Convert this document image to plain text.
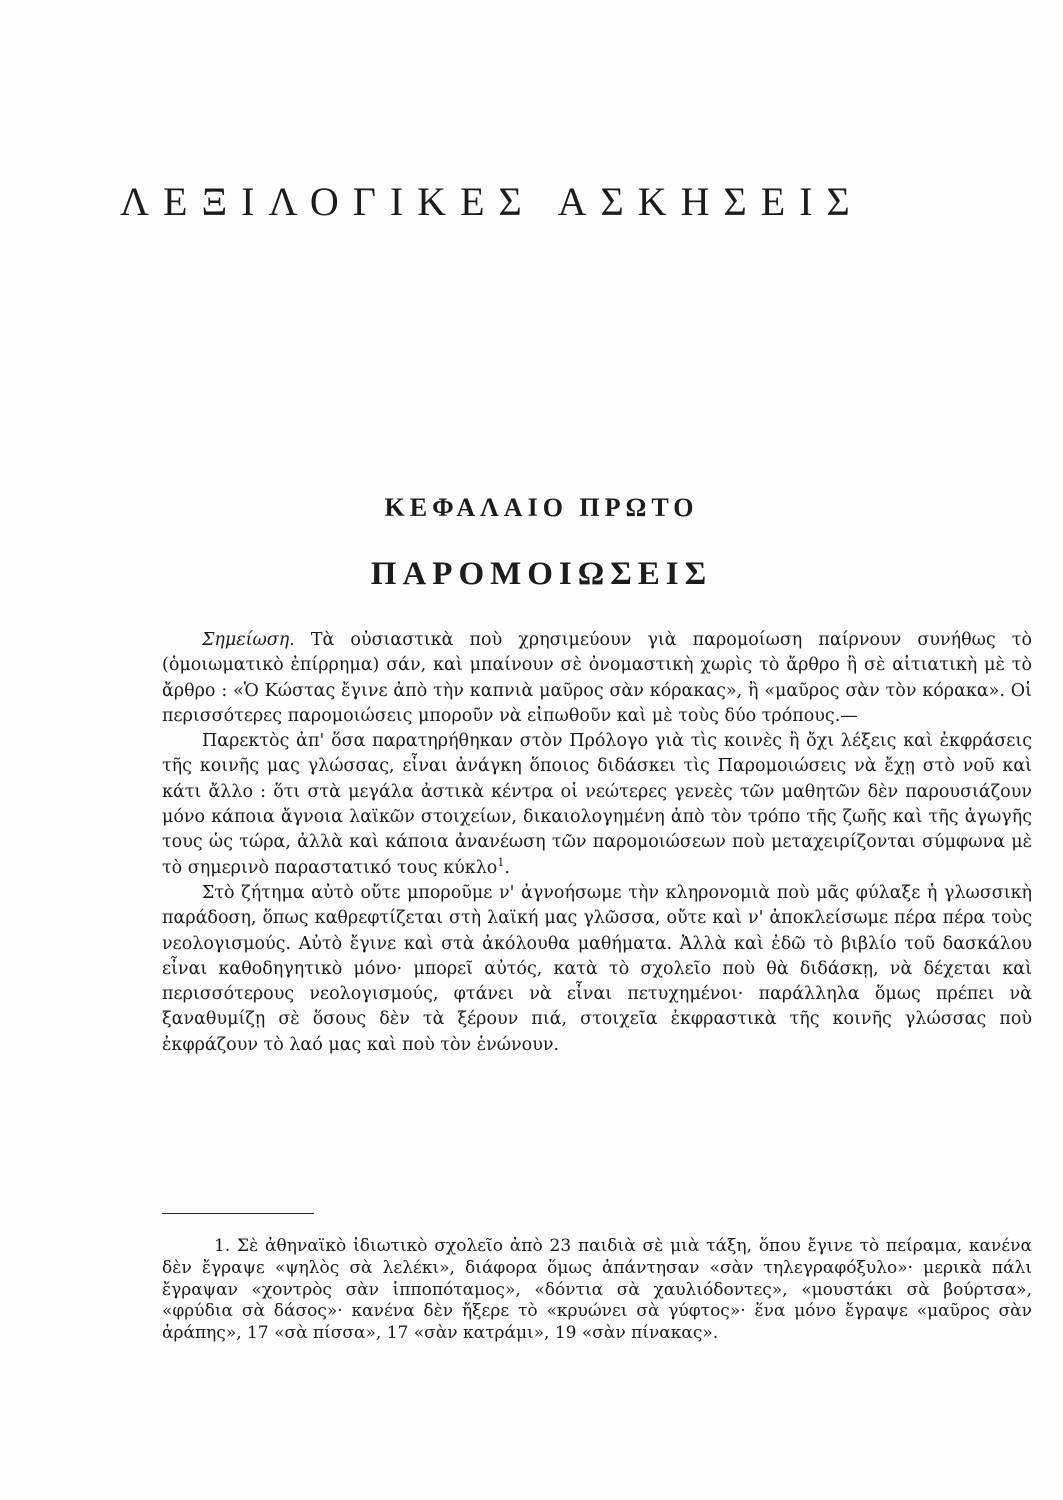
ΛΕΞΙΛΟΓΙΚΕΣ ΑΣΚΗΣΕΙΣ
ΚΕΦΑΛΑΙΟ ΠΡΩΤΟ
ΠΑΡΟΜΟΙΩΣΕΙΣ

Σημείωση. Τὰ οὐσιαστικὰ ποὺ χρησιμεύουν γιὰ παρομοίωση παίρνουν συνήθως τὸ (ὁμοιωματικὸ ἐπίρρημα) σάν, καὶ μπαίνουν σὲ ὀνομαστικὴ χωρὶς τὸ ἄρθρο ἢ σὲ αἰτιατικὴ μὲ τὸ ἄρθρο : «Ὁ Κώστας ἔγινε ἀπὸ τὴν καπνιὰ μαῦρος σὰν κόρακας», ἢ «μαῦρος σὰν τὸν κόρακα». Οἱ περισσότερες παρομοιώσεις μποροῦν νὰ εἰπωθοῦν καὶ μὲ τοὺς δύο τρόπους.—

Παρεκτὸς ἀπ' ὅσα παρατηρήθηκαν στὸν Πρόλογο γιὰ τὶς κοινὲς ἢ ὄχι λέξεις καὶ ἐκφράσεις τῆς κοινῆς μας γλώσσας, εἶναι ἀνάγκη ὅποιος διδάσκει τὶς Παρομοιώσεις νὰ ἔχῃ στὸ νοῦ καὶ κάτι ἄλλο : ὅτι στὰ μεγάλα ἀστικὰ κέντρα οἱ νεώτερες γενεὲς τῶν μαθητῶν δὲν παρουσιάζουν μόνο κάποια ἄγνοια λαϊκῶν στοιχείων, δικαιολογημένη ἀπὸ τὸν τρόπο τῆς ζωῆς καὶ τῆς ἀγωγῆς τους ὡς τώρα, ἀλλὰ καὶ κάποια ἀνανέωση τῶν παρομοιώσεων ποὺ μεταχειρίζονται σύμφωνα μὲ τὸ σημερινὸ παραστατικό τους κύκλο$^1$.

Στὸ ζήτημα αὐτὸ οὔτε μποροῦμε ν' ἀγνοήσωμε τὴν κληρονομιὰ ποὺ μᾶς φύλαξε ἡ γλωσσικὴ παράδοση, ὅπως καθρεφτίζεται στὴ λαϊκή μας γλῶσσα, οὔτε καὶ ν' ἀποκλείσωμε πέρα πέρα τοὺς νεολογισμούς. Αὐτὸ ἔγινε καὶ στὰ ἀκόλουθα μαθήματα. Ἀλλὰ καὶ ἐδῶ τὸ βιβλίο τοῦ δασκάλου εἶναι καθοδηγητικὸ μόνο· μπορεῖ αὐτός, κατὰ τὸ σχολεῖο ποὺ θὰ διδάσκῃ, νὰ δέχεται καὶ περισσότερους νεολογισμούς, φτάνει νὰ εἶναι πετυχημένοι· παράλληλα ὅμως πρέπει νὰ ξαναθυμίζῃ σὲ ὅσους δὲν τὰ ξέρουν πιά, στοιχεῖα ἐκφραστικὰ τῆς κοινῆς γλώσσας ποὺ ἐκφράζουν τὸ λαό μας καὶ ποὺ τὸν ἑνώνουν.

1. Σὲ ἀθηναϊκὸ ἰδιωτικὸ σχολεῖο ἀπὸ 23 παιδιὰ σὲ μιὰ τάξη, ὅπου ἔγινε τὸ πείραμα, κανένα δὲν ἔγραψε «ψηλὸς σὰ λελέκι», διάφορα ὅμως ἀπάντησαν «σὰν τηλεγραφόξυλο»· μερικὰ πάλι ἔγραψαν «χοντρὸς σὰν ἱπποπόταμος», «δόντια σὰ χαυλιόδοντες», «μουστάκι σὰ βούρτσα», «φρύδια σὰ δάσος»· κανένα δὲν ἤξερε τὸ «κρυώνει σὰ γύφτος»· ἕνα μόνο ἔγραψε «μαῦρος σὰν ἀράπης», 17 «σὰ πίσσα», 17 «σὰν κατράμι», 19 «σὰν πίνακας».
